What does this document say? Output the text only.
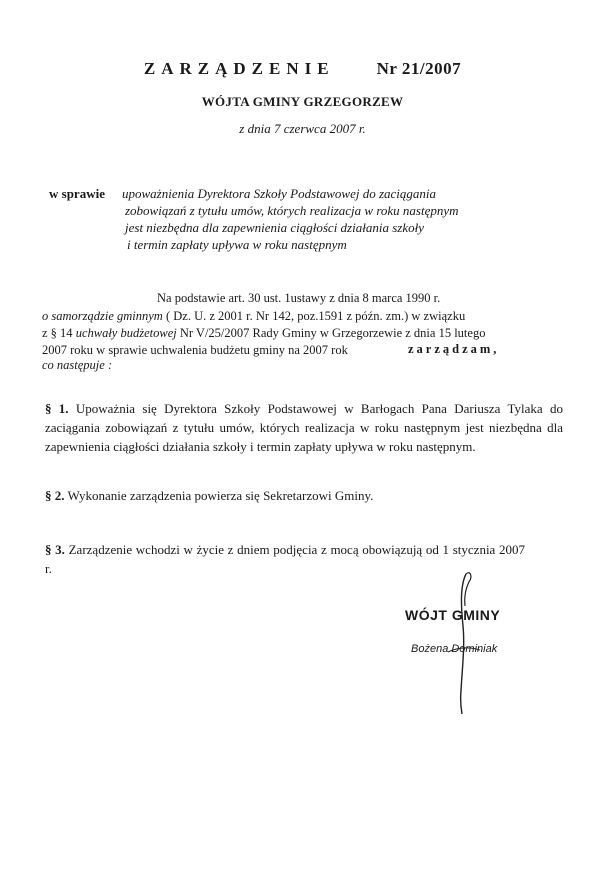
ZARZĄDZENIE Nr 21/2007
WÓJTA GMINY GRZEGORZEW
z dnia 7 czerwca 2007 r.
w sprawie upoważnienia Dyrektora Szkoły Podstawowej do zaciągania
zobowiązań z tytułu umów, których realizacja w roku następnym
jest niezbędna dla zapewnienia ciągłości działania szkoły
i termin zapłaty upływa w roku następnym
Na podstawie art. 30 ust. 1ustawy z dnia 8 marca 1990 r.
o samorządzie gminnym ( Dz. U. z 2001 r. Nr 142, poz.1591 z późn. zm.) w związku
z § 14 uchwały budżetowej Nr V/25/2007 Rady Gminy w Grzegorzewie z dnia 15 lutego
2007 roku w sprawie uchwalenia budżetu gminy na 2007 rok	zarządzam,
co następuje :
§ 1. Upoważnia się Dyrektora Szkoły Podstawowej w Barłogach Pana Dariusza Tylaka do zaciągania zobowiązań z tytułu umów, których realizacja w roku następnym jest niezbędna dla zapewnienia ciągłości działania szkoły i termin zapłaty upływa w roku następnym.
§ 2. Wykonanie zarządzenia powierza się Sekretarzowi Gminy.
§ 3. Zarządzenie wchodzi w życie z dniem podjęcia z mocą obowiązują od 1 stycznia 2007 r.
WÓJT GMINY
Bożena Dominiak
